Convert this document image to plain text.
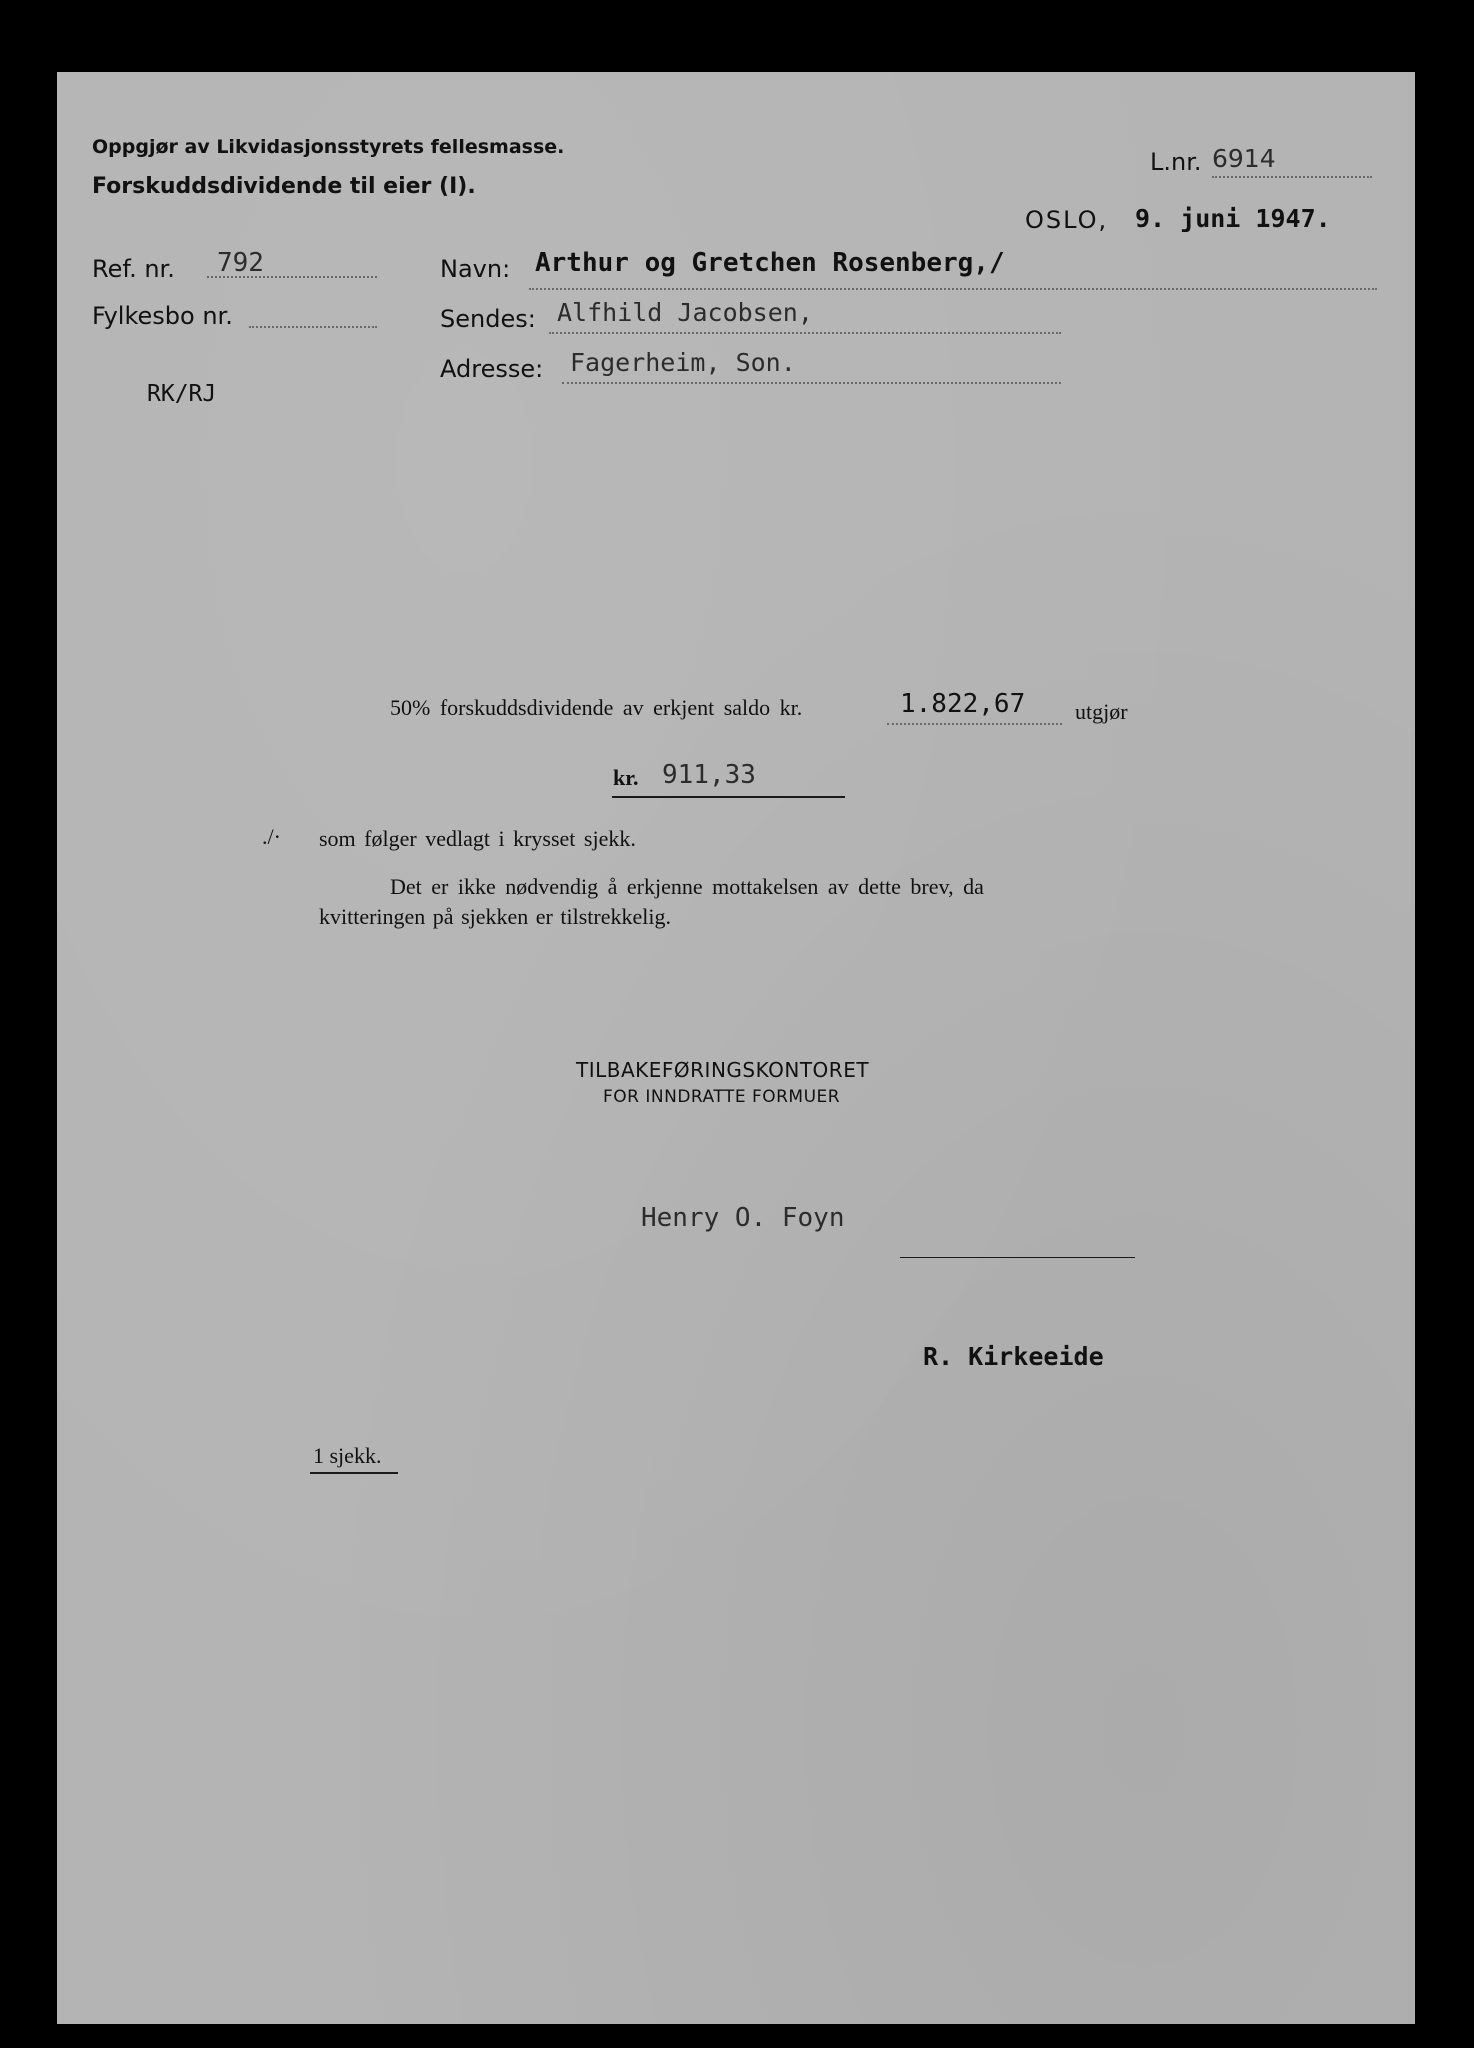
Oppgjør av Likvidasjonsstyrets fellesmasse.
Forskuddsdividende til eier (I).
L.nr. 6914
OSLO, 9. juni 1947.
Ref. nr. 792
Fylkesbo nr.
RK/RJ
Navn: Arthur og Gretchen Rosenberg,/
Sendes: Alfhild Jacobsen,
Adresse: Fagerheim, Son.
50% forskuddsdividende av erkjent saldo kr.	1.822,67 utgjør
kr. 911,33
./· som følger vedlagt i krysset sjekk.
Det er ikke nødvendig å erkjenne mottakelsen av dette brev, da
kvitteringen på sjekken er tilstrekkelig.
TILBAKEFØRINGSKONTORET
FOR INNDRATTE FORMUER
Henry O. Foyn
R. Kirkeeide
1 sjekk.
